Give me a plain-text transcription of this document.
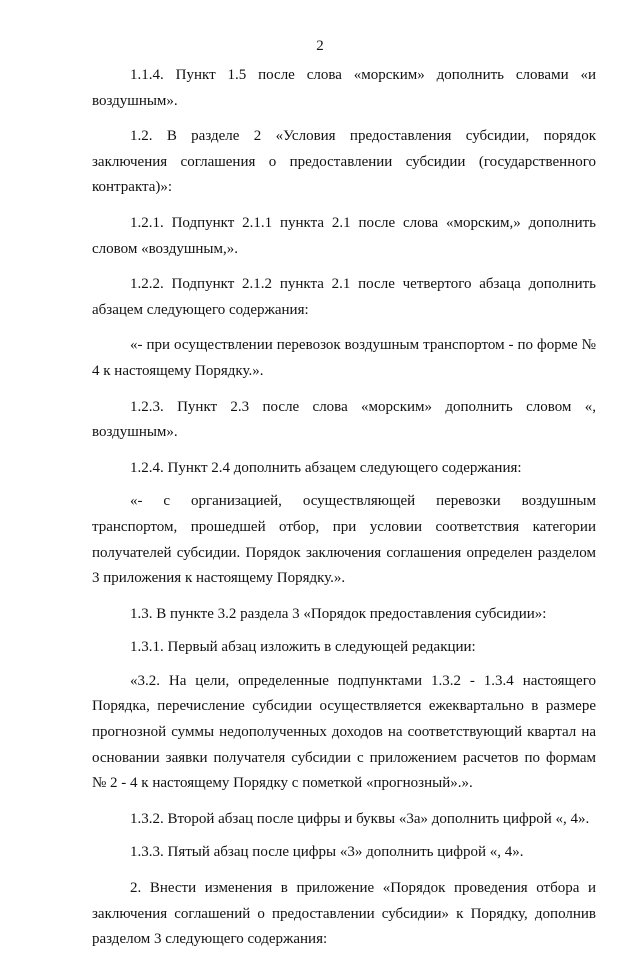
2

1.1.4. Пункт 1.5 после слова «морским» дополнить словами «и воздушным».

1.2. В разделе 2 «Условия предоставления субсидии, порядок заключения соглашения о предоставлении субсидии (государственного контракта)»:

1.2.1. Подпункт 2.1.1 пункта 2.1 после слова «морским,» дополнить словом «воздушным,».

1.2.2. Подпункт 2.1.2 пункта 2.1 после четвертого абзаца дополнить абзацем следующего содержания:

«- при осуществлении перевозок воздушным транспортом - по форме № 4 к настоящему Порядку.».

1.2.3. Пункт 2.3 после слова «морским» дополнить словом «, воздушным».

1.2.4. Пункт 2.4 дополнить абзацем следующего содержания:

«- с организацией, осуществляющей перевозки воздушным транспортом, прошедшей отбор, при условии соответствия категории получателей субсидии. Порядок заключения соглашения определен разделом 3 приложения к настоящему Порядку.».

1.3. В пункте 3.2 раздела 3 «Порядок предоставления субсидии»:

1.3.1. Первый абзац изложить в следующей редакции:

«3.2. На цели, определенные подпунктами 1.3.2 - 1.3.4 настоящего Порядка, перечисление субсидии осуществляется ежеквартально в размере прогнозной суммы недополученных доходов на соответствующий квартал на основании заявки получателя субсидии с приложением расчетов по формам № 2 - 4 к настоящему Порядку с пометкой «прогнозный».».

1.3.2. Второй абзац после цифры и буквы «3а» дополнить цифрой «, 4».

1.3.3. Пятый абзац после цифры «3» дополнить цифрой «, 4».

2. Внести изменения в приложение «Порядок проведения отбора и заключения соглашений о предоставлении субсидии» к Порядку, дополнив разделом 3 следующего содержания:
